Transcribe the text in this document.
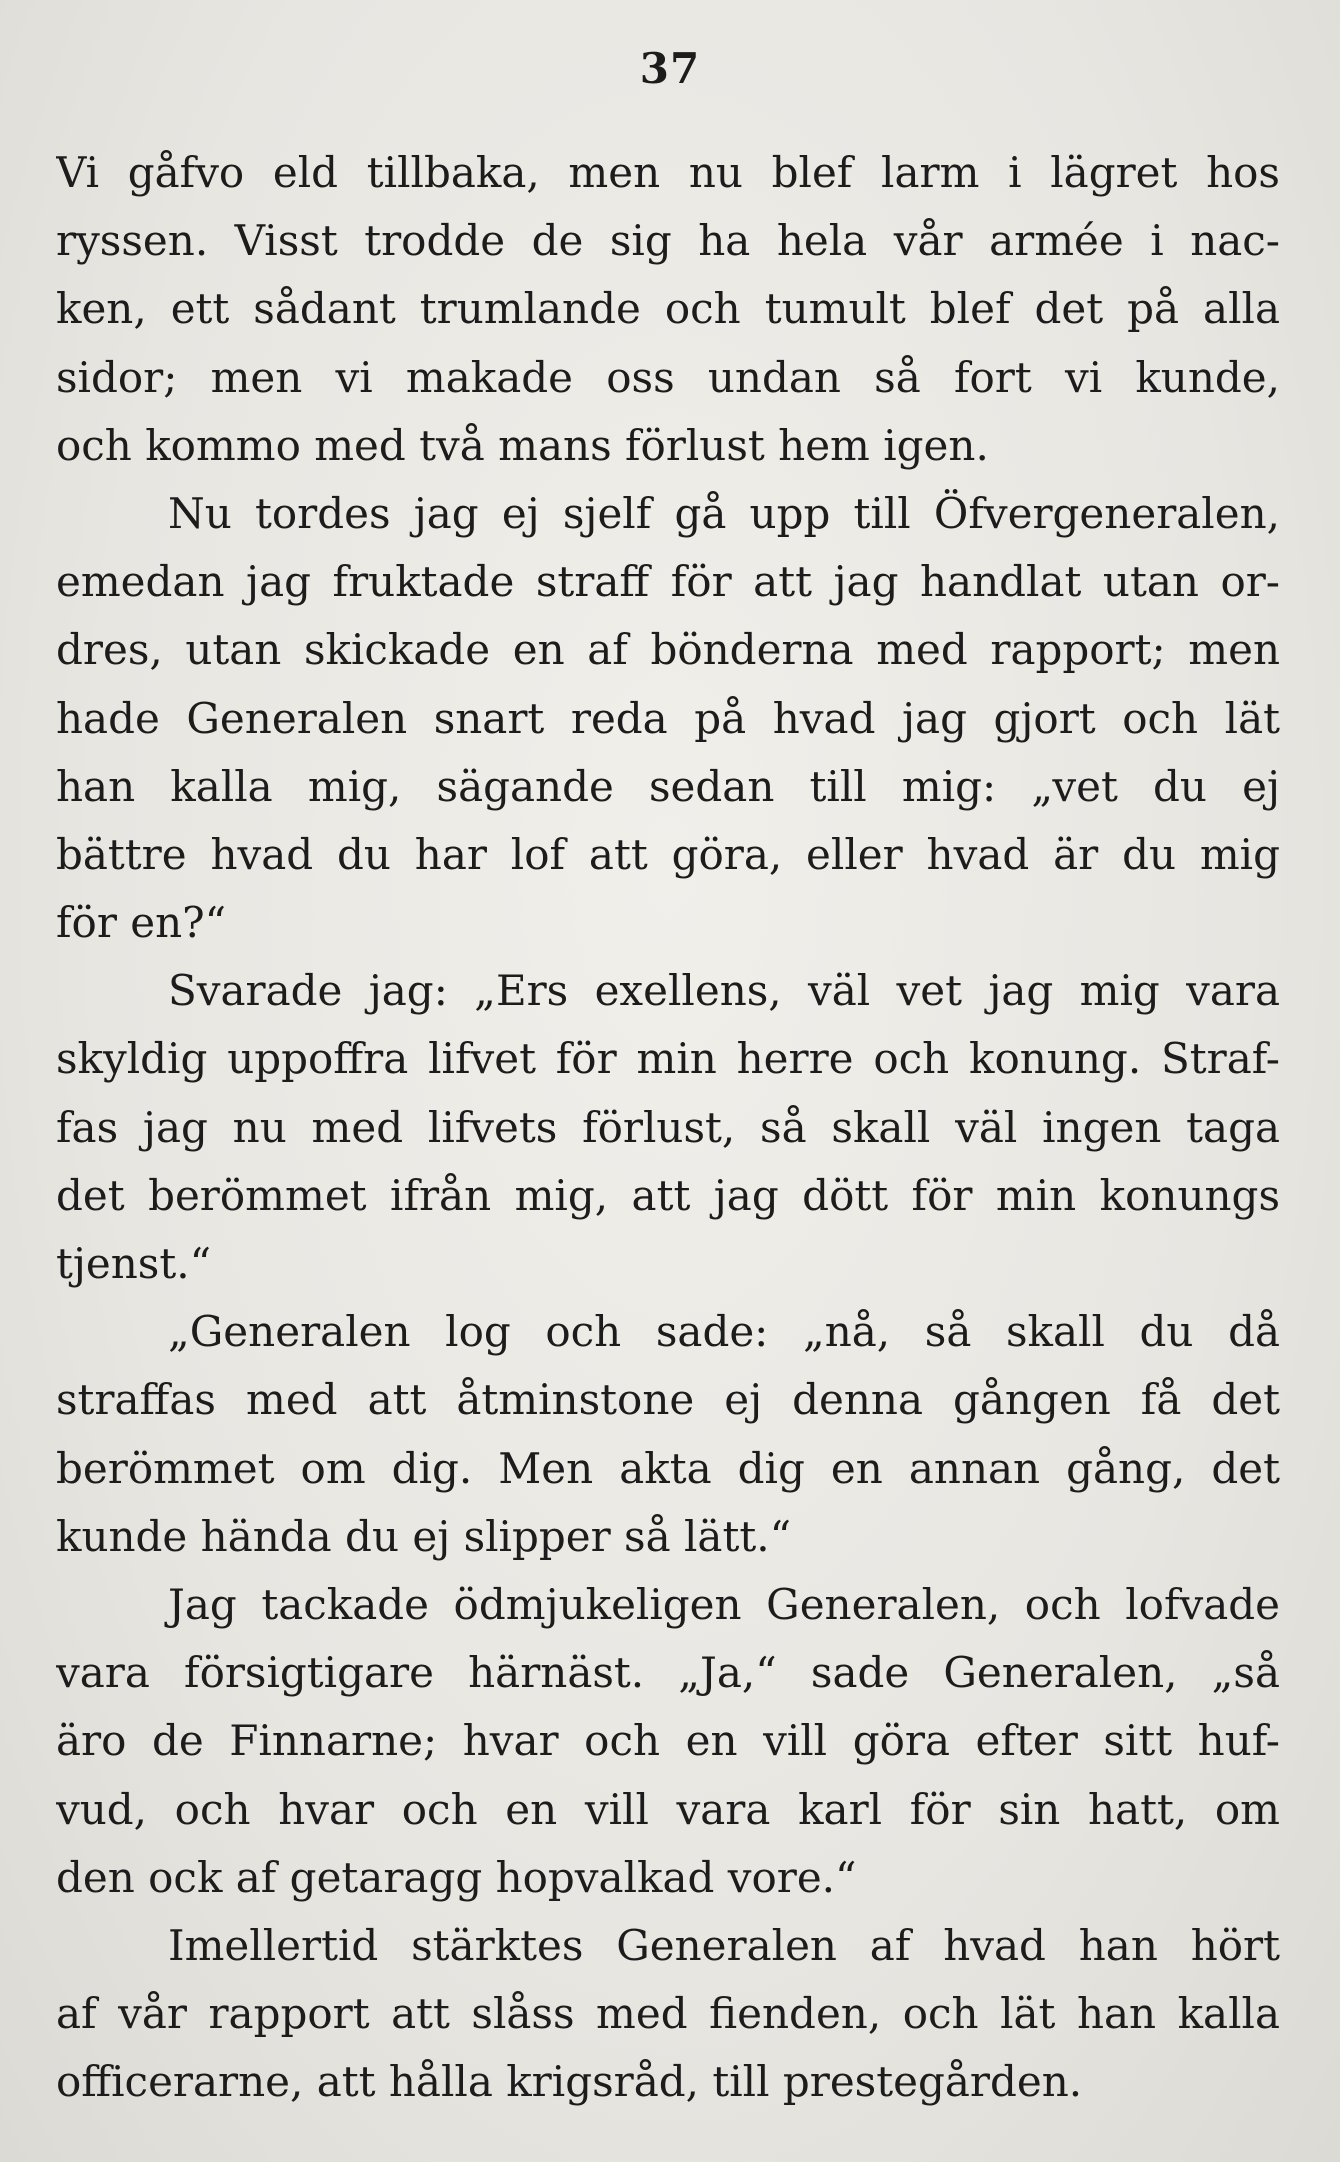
37
Vi gåfvo eld tillbaka, men nu blef larm i lägret hos
ryssen. Visst trodde de sig ha hela vår armée i nac-
ken, ett sådant trumlande och tumult blef det på alla
sidor; men vi makade oss undan så fort vi kunde,
och kommo med två mans förlust hem igen.
Nu tordes jag ej sjelf gå upp till Öfvergeneralen,
emedan jag fruktade straff för att jag handlat utan or-
dres, utan skickade en af bönderna med rapport; men
hade Generalen snart reda på hvad jag gjort och lät
han kalla mig, sägande sedan till mig: „vet du ej
bättre hvad du har lof att göra, eller hvad är du mig
för en?“
Svarade jag: „Ers exellens, väl vet jag mig vara
skyldig uppoffra lifvet för min herre och konung. Straf-
fas jag nu med lifvets förlust, så skall väl ingen taga
det berömmet ifrån mig, att jag dött för min konungs
tjenst.“
„Generalen log och sade: „nå, så skall du då
straffas med att åtminstone ej denna gången få det
berömmet om dig. Men akta dig en annan gång, det
kunde hända du ej slipper så lätt.“
Jag tackade ödmjukeligen Generalen, och lofvade
vara försigtigare härnäst. „Ja,“ sade Generalen, „så
äro de Finnarne; hvar och en vill göra efter sitt huf-
vud, och hvar och en vill vara karl för sin hatt, om
den ock af getaragg hopvalkad vore.“
Imellertid stärktes Generalen af hvad han hört
af vår rapport att slåss med fienden, och lät han kalla
officerarne, att hålla krigsråd, till prestegården.
